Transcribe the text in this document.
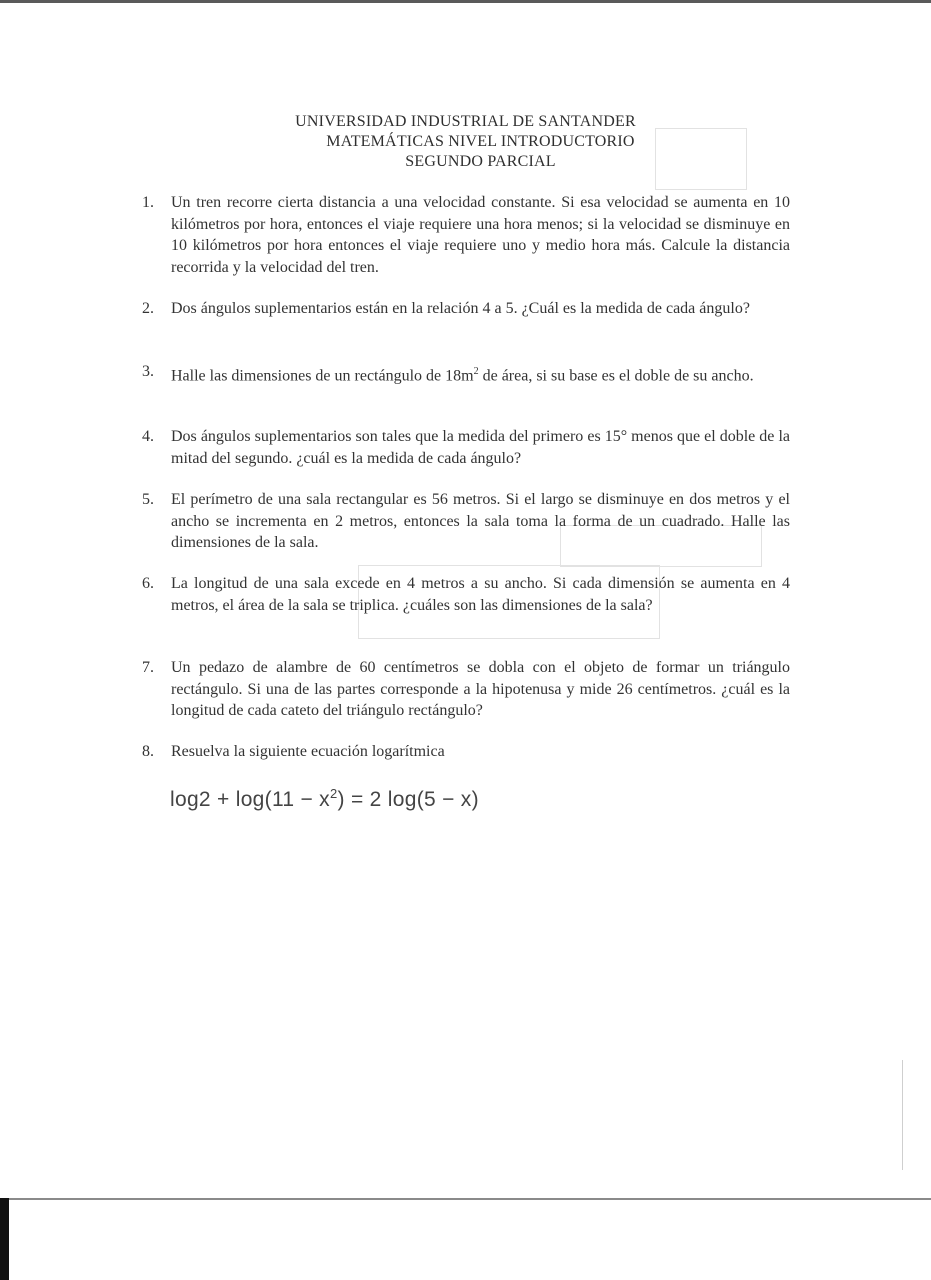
UNIVERSIDAD INDUSTRIAL DE SANTANDER
MATEMÁTICAS NIVEL INTRODUCTORIO
SEGUNDO PARCIAL
1.	Un tren recorre cierta distancia a una velocidad constante. Si esa velocidad se aumenta en 10 kilómetros por hora, entonces el viaje requiere una hora menos; si la velocidad se disminuye en 10 kilómetros por hora entonces el viaje requiere uno y medio hora más. Calcule la distancia recorrida y la velocidad del tren.
2.	Dos ángulos suplementarios están en la relación 4 a 5. ¿Cuál es la medida de cada ángulo?
3.	Halle las dimensiones de un rectángulo de $18m^2$ de área, si su base es el doble de su ancho.
4.	Dos ángulos suplementarios son tales que la medida del primero es 15° menos que el doble de la mitad del segundo. ¿cuál es la medida de cada ángulo?
5.	El perímetro de una sala rectangular es 56 metros. Si el largo se disminuye en dos metros y el ancho se incrementa en 2 metros, entonces la sala toma la forma de un cuadrado. Halle las dimensiones de la sala.
6.	La longitud de una sala excede en 4 metros a su ancho. Si cada dimensión se aumenta en 4 metros, el área de la sala se triplica. ¿cuáles son las dimensiones de la sala?
7.	Un pedazo de alambre de 60 centímetros se dobla con el objeto de formar un triángulo rectángulo. Si una de las partes corresponde a la hipotenusa y mide 26 centímetros. ¿cuál es la longitud de cada cateto del triángulo rectángulo?
8.	Resuelva la siguiente ecuación logarítmica
$\log 2 + \log(11 - x^2) = 2$ log(5 − x)
